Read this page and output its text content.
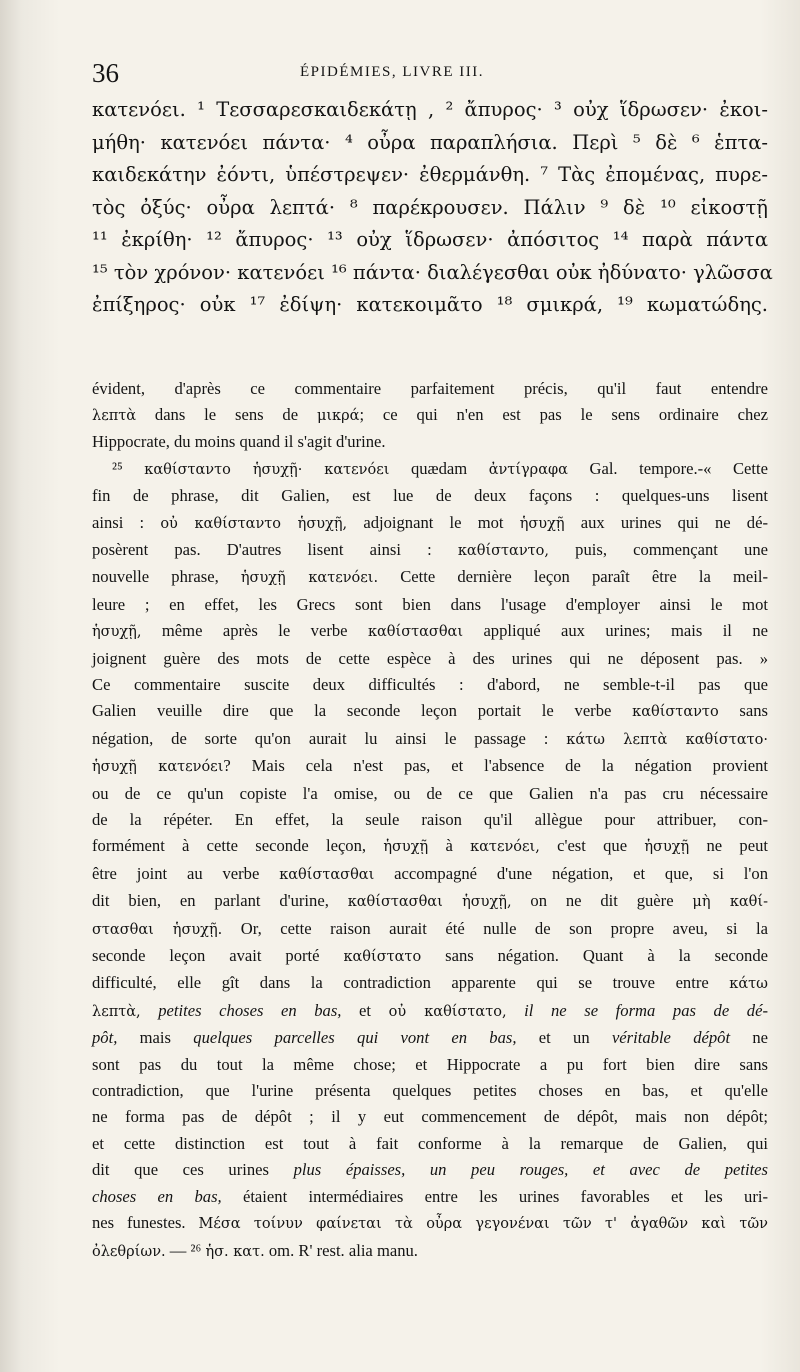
36	ÉPIDÉMIES, LIVRE III.
κατενόει. ¹ Τεσσαρεσκαιδεκάτῃ , ² ἄπυρος· ³ οὐχ ἵδρωσεν· ἐκοι-
μήθη· κατενόει πάντα· ⁴ οὖρα παραπλήσια. Περὶ ⁵ δὲ ⁶ ἑπτα-
καιδεκάτην ἐόντι, ὑπέστρεψεν· ἐθερμάνθη. ⁷ Τὰς ἐπομένας, πυρε-
τὸς ὀξύς· οὖρα λεπτά· ⁸ παρέκρουσεν. Πάλιν ⁹ δὲ ¹⁰ εἰκοστῇ
¹¹ ἐκρίθη· ¹² ἄπυρος· ¹³ οὐχ ἵδρωσεν· ἀπόσιτος ¹⁴ παρὰ πάντα
¹⁵ τὸν χρόνον· κατενόει ¹⁶ πάντα· διαλέγεσθαι οὐκ ἠδύνατο· γλῶσσα
ἐπίξηρος· οὐκ ¹⁷ ἐδίψη· κατεκοιμᾶτο ¹⁸ σμικρά, ¹⁹ κωματώδης.
évident, d'après ce commentaire parfaitement précis, qu'il faut entendre
λεπτὰ dans le sens de μικρά; ce qui n'en est pas le sens ordinaire chez
Hippocrate, du moins quand il s'agit d'urine.
²⁵ καθίσταντο ἡσυχῇ· κατενόει quædam ἀντίγραφα Gal. tempore.-« Cette
fin de phrase, dit Galien, est lue de deux façons : quelques-uns lisent
ainsi : οὐ καθίσταντο ἡσυχῇ, adjoignant le mot ἡσυχῇ aux urines qui ne dé-
posèrent pas. D'autres lisent ainsi : καθίσταντο, puis, commençant une
nouvelle phrase, ἡσυχῇ κατενόει. Cette dernière leçon paraît être la meil-
leure ; en effet, les Grecs sont bien dans l'usage d'employer ainsi le mot
ἡσυχῇ, même après le verbe καθίστασθαι appliqué aux urines; mais il ne
joignent guère des mots de cette espèce à des urines qui ne déposent pas. »
Ce commentaire suscite deux difficultés : d'abord, ne semble-t-il pas que
Galien veuille dire que la seconde leçon portait le verbe καθίσταντο sans
négation, de sorte qu'on aurait lu ainsi le passage : κάτω λεπτὰ καθίστατο·
ἡσυχῇ κατενόει? Mais cela n'est pas, et l'absence de la négation provient
ou de ce qu'un copiste l'a omise, ou de ce que Galien n'a pas cru nécessaire
de la répéter. En effet, la seule raison qu'il allègue pour attribuer, con-
formément à cette seconde leçon, ἡσυχῇ à κατενόει, c'est que ἡσυχῇ ne peut
être joint au verbe καθίστασθαι accompagné d'une négation, et que, si l'on
dit bien, en parlant d'urine, καθίστασθαι ἡσυχῇ, on ne dit guère μὴ καθί-
στασθαι ἡσυχῇ. Or, cette raison aurait été nulle de son propre aveu, si la
seconde leçon avait porté καθίστατο sans négation. Quant à la seconde
difficulté, elle gît dans la contradiction apparente qui se trouve entre κάτω
λεπτὰ, petites choses en bas, et οὐ καθίστατο, il ne se forma pas de dé-
pôt, mais quelques parcelles qui vont en bas, et un véritable dépôt ne
sont pas du tout la même chose; et Hippocrate a pu fort bien dire sans
contradiction, que l'urine présenta quelques petites choses en bas, et qu'elle
ne forma pas de dépôt ; il y eut commencement de dépôt, mais non dépôt;
et cette distinction est tout à fait conforme à la remarque de Galien, qui
dit que ces urines plus épaisses, un peu rouges, et avec de petites
choses en bas, étaient intermédiaires entre les urines favorables et les uri-
nes funestes. Μέσα τοίνυν φαίνεται τὰ οὖρα γεγονέναι τῶν τ' ἀγαθῶν καὶ τῶν
ὀλεθρίων. — ²⁶ ἡσ. κατ. om. R' rest. alia manu.
